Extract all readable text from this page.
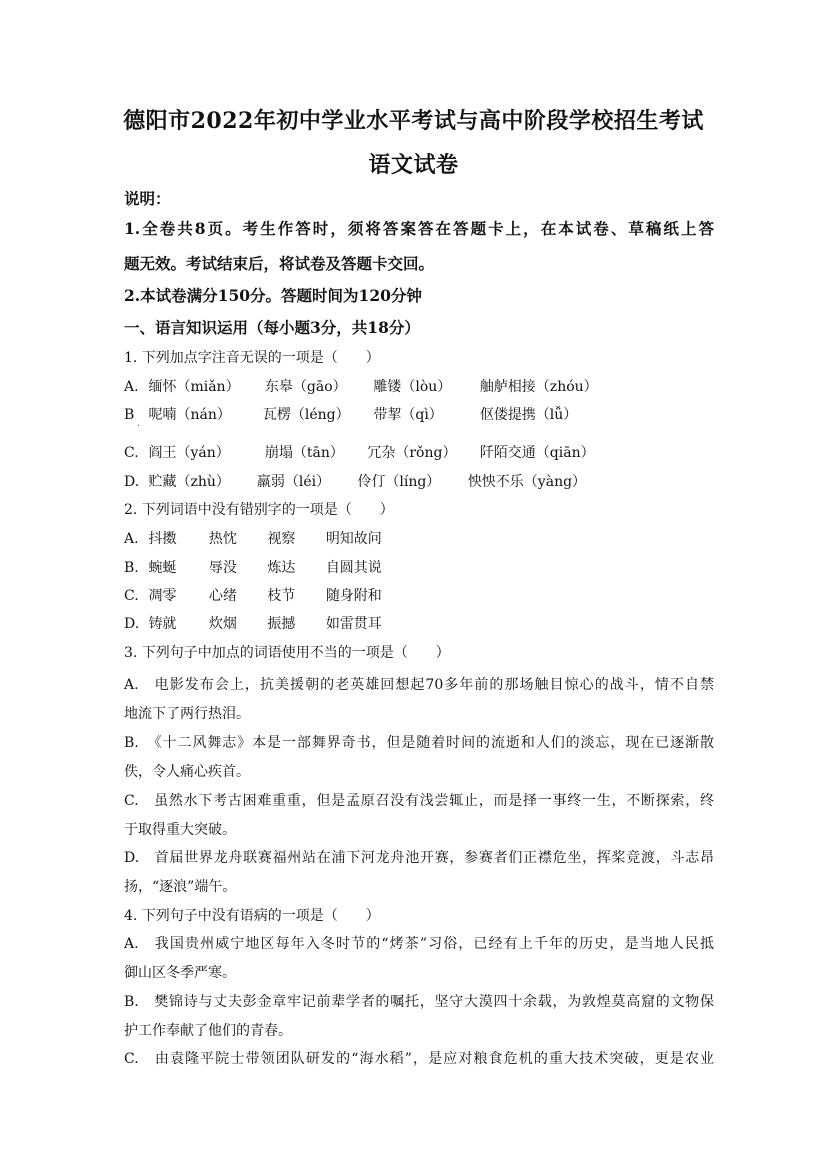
德阳市2022年初中学业水平考试与高中阶段学校招生考试
语文试卷
说明：
1.全卷共8页。考生作答时，须将答案答在答题卡上，在本试卷、草稿纸上答
题无效。考试结束后，将试卷及答题卡交回。
2.本试卷满分150分。答题时间为120分钟
一、语言知识运用（每小题3分，共18分）
1. 下列加点字注音无误的一项是（　　）
A. 缅怀（miǎn） 东皋（gāo） 雕镂（lòu） 舳舻相接（zhóu）
B 呢喃（nán） 瓦楞（léng） 带挈（qì）	伛偻提携（lǚ）
·
C. 阎王（yán）	崩塌（tān） 冗杂（rǒng） 阡陌交通（qiān）
D. 贮藏（zhù） 羸弱（léi） 伶仃（líng） 怏怏不乐（yàng）
2. 下列词语中没有错别字的一项是（　　）
A. 抖擞 热忱 视察 明知故问
B. 蜿蜒 辱没 炼达 自圆其说
C. 凋零 心绪 枝节 随身附和
D. 铸就 炊烟 振撼 如雷贯耳
3. 下列句子中加点的词语使用不当的一项是（　　）
A.　电影发布会上，抗美援朝的老英雄回想起70多年前的那场触目惊心的战斗，情不自禁
地流下了两行热泪。
B.　《十二风舞志》本是一部舞界奇书，但是随着时间的流逝和人们的淡忘，现在已逐渐散
佚，令人痛心疾首。
C.　虽然水下考古困难重重，但是孟原召没有浅尝辄止，而是择一事终一生，不断探索，终
于取得重大突破。
D.　首届世界龙舟联赛福州站在浦下河龙舟池开赛，参赛者们正襟危坐，挥桨竞渡，斗志昂
扬，“逐浪”端午。
4. 下列句子中没有语病的一项是（　　）
A.　我国贵州威宁地区每年入冬时节的“烤茶”习俗，已经有上千年的历史，是当地人民抵
御山区冬季严寒。
B.　樊锦诗与丈夫彭金章牢记前辈学者的嘱托，坚守大漠四十余载，为敦煌莫高窟的文物保
护工作奉献了他们的青春。
C.　由袁隆平院士带领团队研发的“海水稻”，是应对粮食危机的重大技术突破，更是农业
